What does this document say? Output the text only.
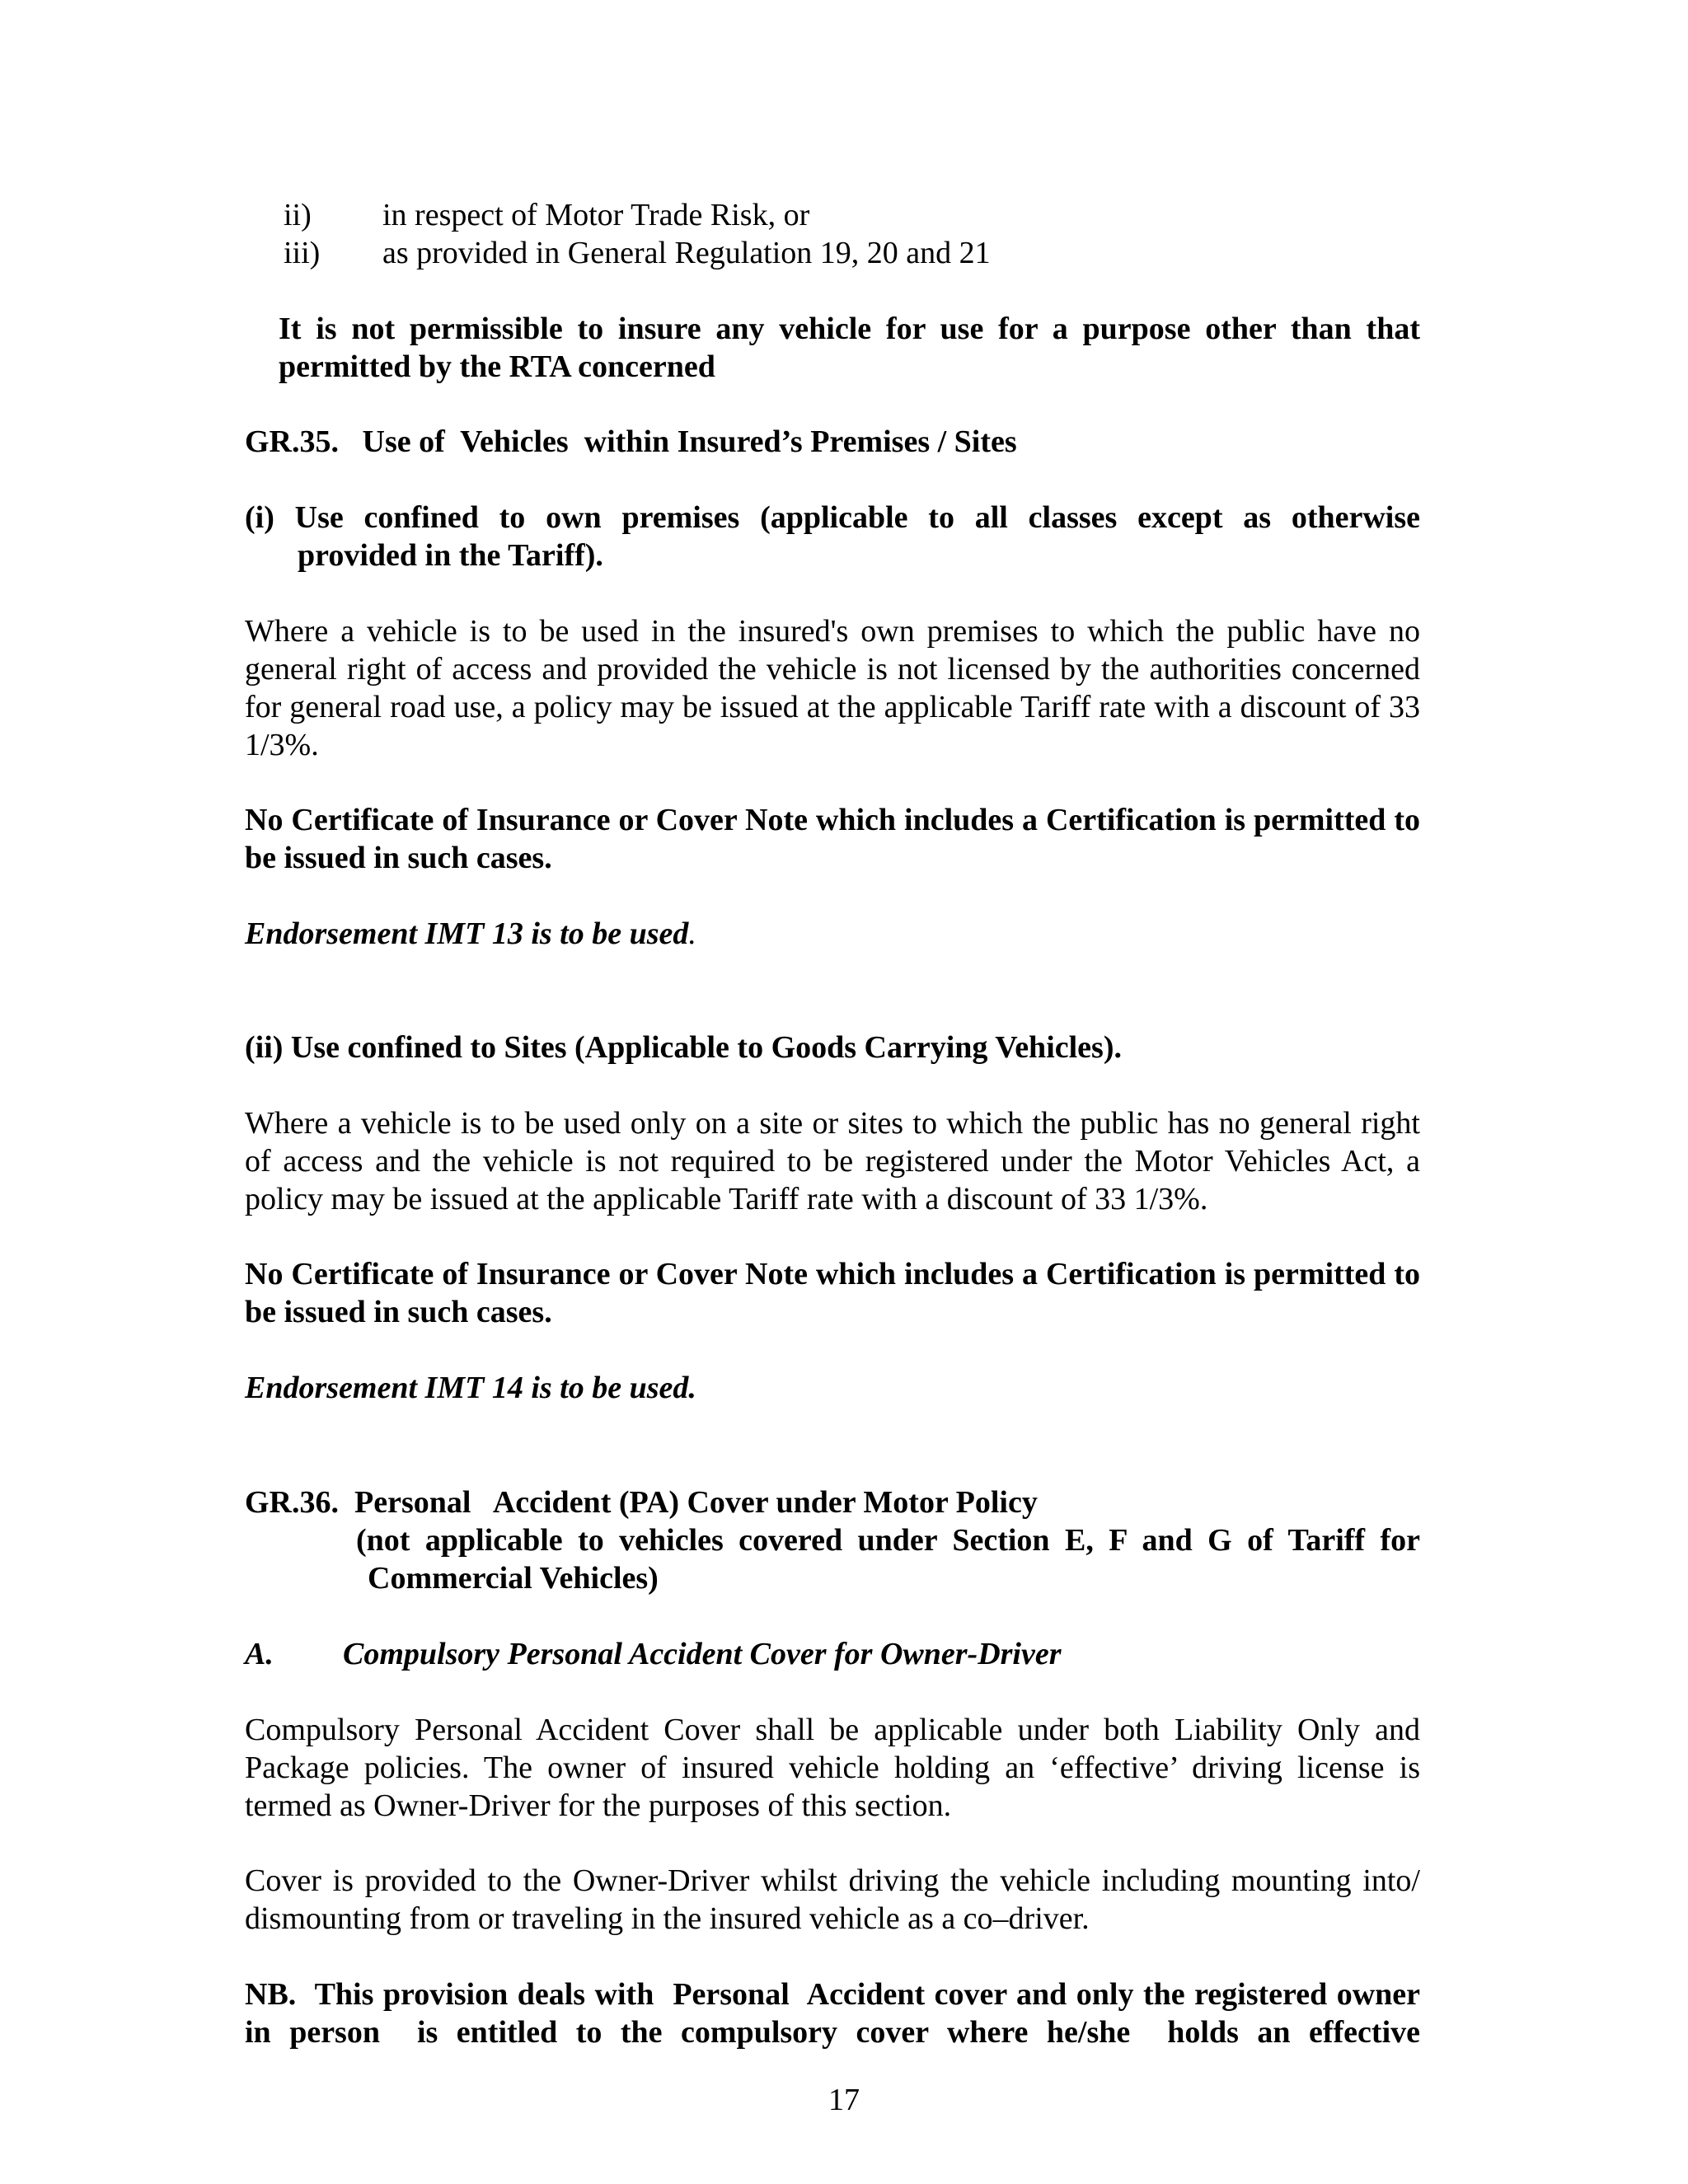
ii) in respect of Motor Trade Risk, or

iii) as provided in General Regulation 19, 20 and 21

It is not permissible to insure any vehicle for use for a purpose other than that permitted by the RTA concerned

GR.35.   Use of  Vehicles  within Insured’s Premises / Sites

(i) Use confined to own premises (applicable to all classes except as otherwise

provided in the Tariff).

Where a vehicle is to be used in the insured's own premises to which the public have no general right of access and provided the vehicle is not licensed by the authorities concerned for general road use, a policy may be issued at the applicable Tariff rate with a discount of 33 1/3%.

No Certificate of Insurance or Cover Note which includes a Certification is permitted to be issued in such cases.

Endorsement IMT 13 is to be used.

(ii) Use confined to Sites (Applicable to Goods Carrying Vehicles).

Where a vehicle is to be used only on a site or sites to which the public has no general right of access and the vehicle is not required to be registered under the Motor Vehicles Act, a policy may be issued at the applicable Tariff rate with a discount of 33 1/3%.

No Certificate of Insurance or Cover Note which includes a Certification is permitted to be issued in such cases.

Endorsement IMT 14 is to be used.

GR.36.  Personal   Accident (PA) Cover under Motor Policy

(not applicable to vehicles covered under Section E, F and G of Tariff for

Commercial Vehicles)

A. Compulsory Personal Accident Cover for Owner-Driver

Compulsory Personal Accident Cover shall be applicable under both Liability Only and Package policies. The owner of insured vehicle holding an ‘effective’ driving license is termed as Owner-Driver for the purposes of this section.

Cover is provided to the Owner-Driver whilst driving the vehicle including mounting into/ dismounting from or traveling in the insured vehicle as a co–driver.

NB.  This provision deals with  Personal  Accident cover and only the registered owner  in person  is entitled to the compulsory cover where he/she  holds an effective

17
